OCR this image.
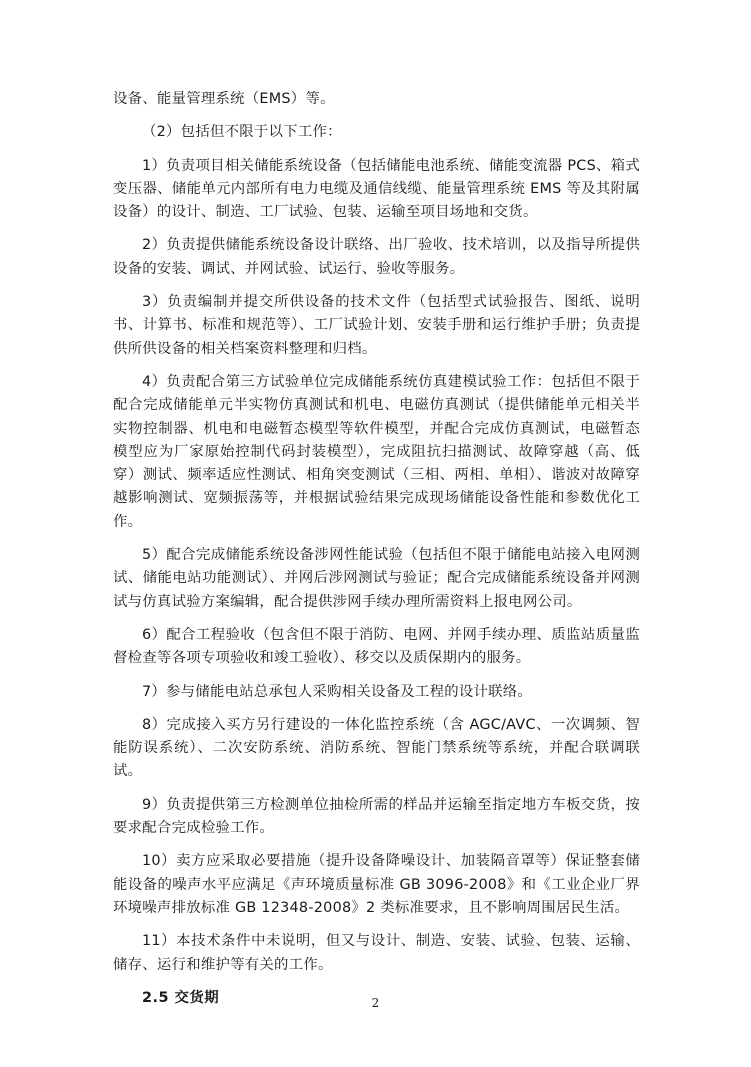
设备、能量管理系统（EMS）等。

（2）包括但不限于以下工作：

1）负责项目相关储能系统设备（包括储能电池系统、储能变流器 PCS、箱式变压器、储能单元内部所有电力电缆及通信线缆、能量管理系统 EMS 等及其附属设备）的设计、制造、工厂试验、包装、运输至项目场地和交货。

2）负责提供储能系统设备设计联络、出厂验收、技术培训，以及指导所提供设备的安装、调试、并网试验、试运行、验收等服务。

3）负责编制并提交所供设备的技术文件（包括型式试验报告、图纸、说明书、计算书、标准和规范等）、工厂试验计划、安装手册和运行维护手册；负责提供所供设备的相关档案资料整理和归档。

4）负责配合第三方试验单位完成储能系统仿真建模试验工作：包括但不限于配合完成储能单元半实物仿真测试和机电、电磁仿真测试（提供储能单元相关半实物控制器、机电和电磁暂态模型等软件模型，并配合完成仿真测试，电磁暂态模型应为厂家原始控制代码封装模型），完成阻抗扫描测试、故障穿越（高、低穿）测试、频率适应性测试、相角突变测试（三相、两相、单相）、谐波对故障穿越影响测试、宽频振荡等，并根据试验结果完成现场储能设备性能和参数优化工作。

5）配合完成储能系统设备涉网性能试验（包括但不限于储能电站接入电网测试、储能电站功能测试）、并网后涉网测试与验证；配合完成储能系统设备并网测试与仿真试验方案编辑，配合提供涉网手续办理所需资料上报电网公司。

6）配合工程验收（包含但不限于消防、电网、并网手续办理、质监站质量监督检查等各项专项验收和竣工验收）、移交以及质保期内的服务。

7）参与储能电站总承包人采购相关设备及工程的设计联络。

8）完成接入买方另行建设的一体化监控系统（含 AGC/AVC、一次调频、智能防误系统）、二次安防系统、消防系统、智能门禁系统等系统，并配合联调联试。

9）负责提供第三方检测单位抽检所需的样品并运输至指定地方车板交货，按要求配合完成检验工作。

10）卖方应采取必要措施（提升设备降噪设计、加装隔音罩等）保证整套储能设备的噪声水平应满足《声环境质量标准 GB 3096-2008》和《工业企业厂界环境噪声排放标准 GB 12348-2008》2 类标准要求，且不影响周围居民生活。

11）本技术条件中未说明，但又与设计、制造、安装、试验、包装、运输、储存、运行和维护等有关的工作。

2.5 交货期	2
